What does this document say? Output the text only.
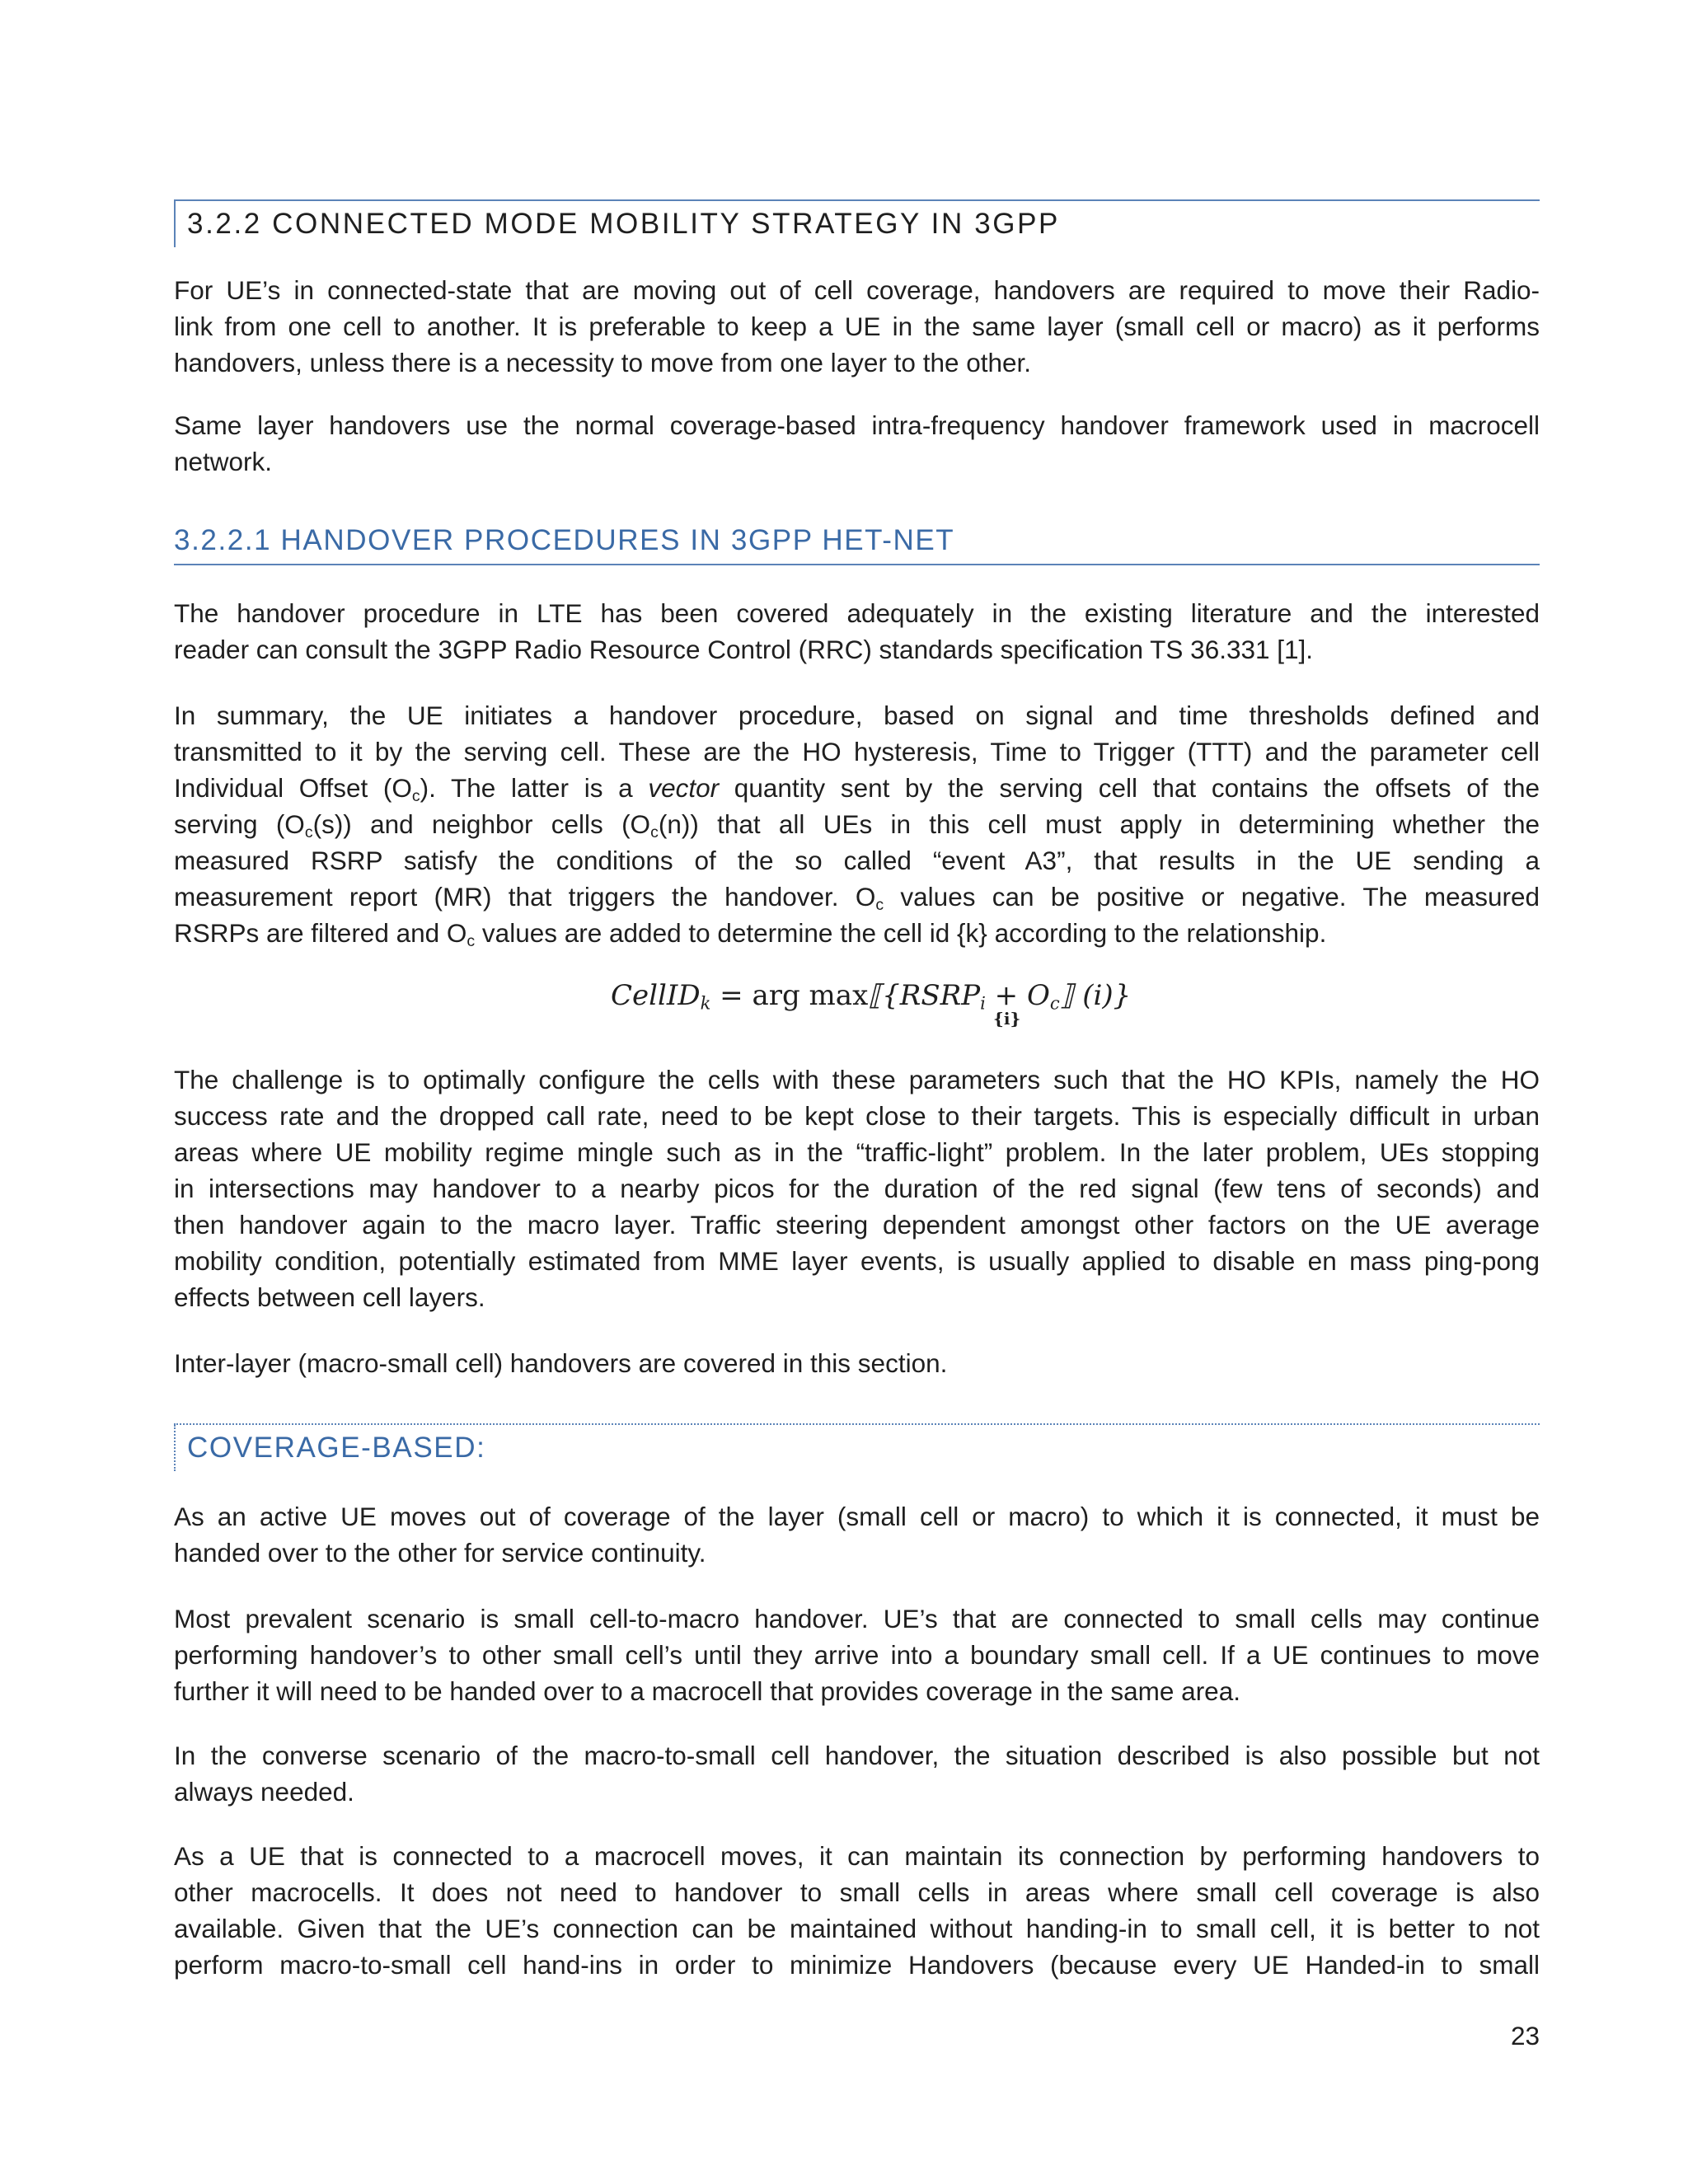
3.2.2 CONNECTED MODE MOBILITY STRATEGY IN 3GPP
For UE’s in connected-state that are moving out of cell coverage, handovers are required to move their Radio-
link from one cell to another. It is preferable to keep a UE in the same layer (small cell or macro) as it performs
handovers, unless there is a necessity to move from one layer to the other.
Same layer handovers use the normal coverage-based intra-frequency handover framework used in macrocell
network.
3.2.2.1 HANDOVER PROCEDURES IN 3GPP HET-NET
The handover procedure in LTE has been covered adequately in the existing literature and the interested
reader can consult the 3GPP Radio Resource Control (RRC) standards specification TS 36.331 [1].
In summary, the UE initiates a handover procedure, based on signal and time thresholds defined and
transmitted to it by the serving cell. These are the HO hysteresis, Time to Trigger (TTT) and the parameter cell
Individual Offset $(O_c)$. The latter is a vector quantity sent by the serving cell that contains the offsets of the
serving $(O_c(s))$ and neighbor cells $(O_c(n))$ that all UEs in this cell must apply in determining whether the
measured RSRP satisfy the conditions of the so called “event A3”, that results in the UE sending a
measurement report (MR) that triggers the handover. $O_c$ values can be positive or negative. The measured
RSRPs are filtered and $O_c$ values are added to determine the cell id {k} according to the relationship.
CellID$_k$ = arg $\max⟦\{RSRP_i$ + $O_c⟧$ (i)}
{i}
The challenge is to optimally configure the cells with these parameters such that the HO KPIs, namely the HO
success rate and the dropped call rate, need to be kept close to their targets. This is especially difficult in urban
areas where UE mobility regime mingle such as in the “traffic-light” problem. In the later problem, UEs stopping
in intersections may handover to a nearby picos for the duration of the red signal (few tens of seconds) and
then handover again to the macro layer. Traffic steering dependent amongst other factors on the UE average
mobility condition, potentially estimated from MME layer events, is usually applied to disable en mass ping-pong
effects between cell layers.
Inter-layer (macro-small cell) handovers are covered in this section.
COVERAGE-BASED:
As an active UE moves out of coverage of the layer (small cell or macro) to which it is connected, it must be
handed over to the other for service continuity.
Most prevalent scenario is small cell-to-macro handover. UE’s that are connected to small cells may continue
performing handover’s to other small cell’s until they arrive into a boundary small cell. If a UE continues to move
further it will need to be handed over to a macrocell that provides coverage in the same area.
In the converse scenario of the macro-to-small cell handover, the situation described is also possible but not
always needed.
As a UE that is connected to a macrocell moves, it can maintain its connection by performing handovers to
other macrocells. It does not need to handover to small cells in areas where small cell coverage is also
available. Given that the UE’s connection can be maintained without handing-in to small cell, it is better to not
perform macro-to-small cell hand-ins in order to minimize Handovers (because every UE Handed-in to small
23
